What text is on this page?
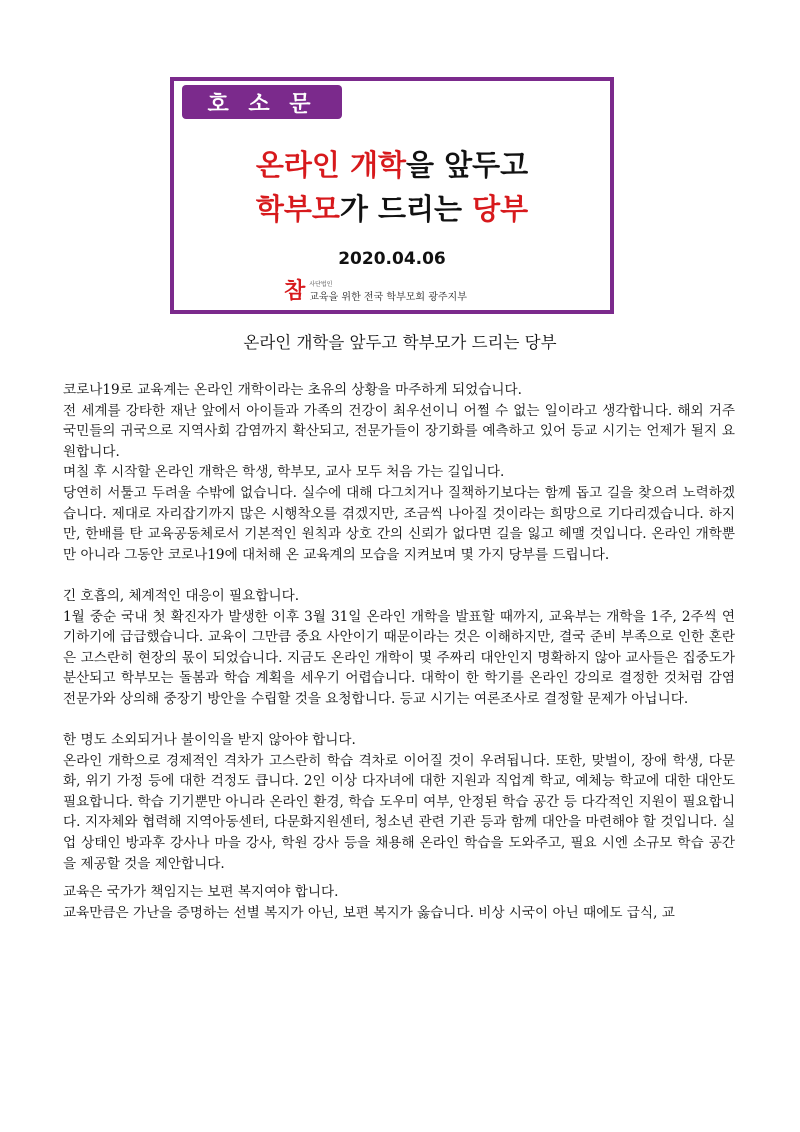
호 소 문
온라인 개학을 앞두고
학부모가 드리는 당부
2020.04.06
참 사단법인
교육을 위한 전국 학부모회 광주지부
온라인 개학을 앞두고 학부모가 드리는 당부

코로나19로 교육계는 온라인 개학이라는 초유의 상황을 마주하게 되었습니다.

전 세계를 강타한 재난 앞에서 아이들과 가족의 건강이 최우선이니 어쩔 수 없는 일이라고 생각합니다. 해외 거주 국민들의 귀국으로 지역사회 감염까지 확산되고, 전문가들이 장기화를 예측하고 있어 등교 시기는 언제가 될지 요원합니다.

며칠 후 시작할 온라인 개학은 학생, 학부모, 교사 모두 처음 가는 길입니다.

당연히 서툴고 두려울 수밖에 없습니다. 실수에 대해 다그치거나 질책하기보다는 함께 돕고 길을 찾으려 노력하겠습니다. 제대로 자리잡기까지 많은 시행착오를 겪겠지만, 조금씩 나아질 것이라는 희망으로 기다리겠습니다. 하지만, 한배를 탄 교육공동체로서 기본적인 원칙과 상호 간의 신뢰가 없다면 길을 잃고 헤맬 것입니다. 온라인 개학뿐만 아니라 그동안 코로나19에 대처해 온 교육계의 모습을 지켜보며 몇 가지 당부를 드립니다.

긴 호흡의, 체계적인 대응이 필요합니다.

1월 중순 국내 첫 확진자가 발생한 이후 3월 31일 온라인 개학을 발표할 때까지, 교육부는 개학을 1주, 2주씩 연기하기에 급급했습니다. 교육이 그만큼 중요 사안이기 때문이라는 것은 이해하지만, 결국 준비 부족으로 인한 혼란은 고스란히 현장의 몫이 되었습니다. 지금도 온라인 개학이 몇 주짜리 대안인지 명확하지 않아 교사들은 집중도가 분산되고 학부모는 돌봄과 학습 계획을 세우기 어렵습니다. 대학이 한 학기를 온라인 강의로 결정한 것처럼 감염 전문가와 상의해 중장기 방안을 수립할 것을 요청합니다. 등교 시기는 여론조사로 결정할 문제가 아닙니다.

한 명도 소외되거나 불이익을 받지 않아야 합니다.

온라인 개학으로 경제적인 격차가 고스란히 학습 격차로 이어질 것이 우려됩니다. 또한, 맞벌이, 장애 학생, 다문화, 위기 가정 등에 대한 걱정도 큽니다. 2인 이상 다자녀에 대한 지원과 직업계 학교, 예체능 학교에 대한 대안도 필요합니다. 학습 기기뿐만 아니라 온라인 환경, 학습 도우미 여부, 안정된 학습 공간 등 다각적인 지원이 필요합니다. 지자체와 협력해 지역아동센터, 다문화지원센터, 청소년 관련 기관 등과 함께 대안을 마련해야 할 것입니다. 실업 상태인 방과후 강사나 마을 강사, 학원 강사 등을 채용해 온라인 학습을 도와주고, 필요 시엔 소규모 학습 공간을 제공할 것을 제안합니다.

교육은 국가가 책임지는 보편 복지여야 합니다.

교육만큼은 가난을 증명하는 선별 복지가 아닌, 보편 복지가 옳습니다. 비상 시국이 아닌 때에도 급식, 교
